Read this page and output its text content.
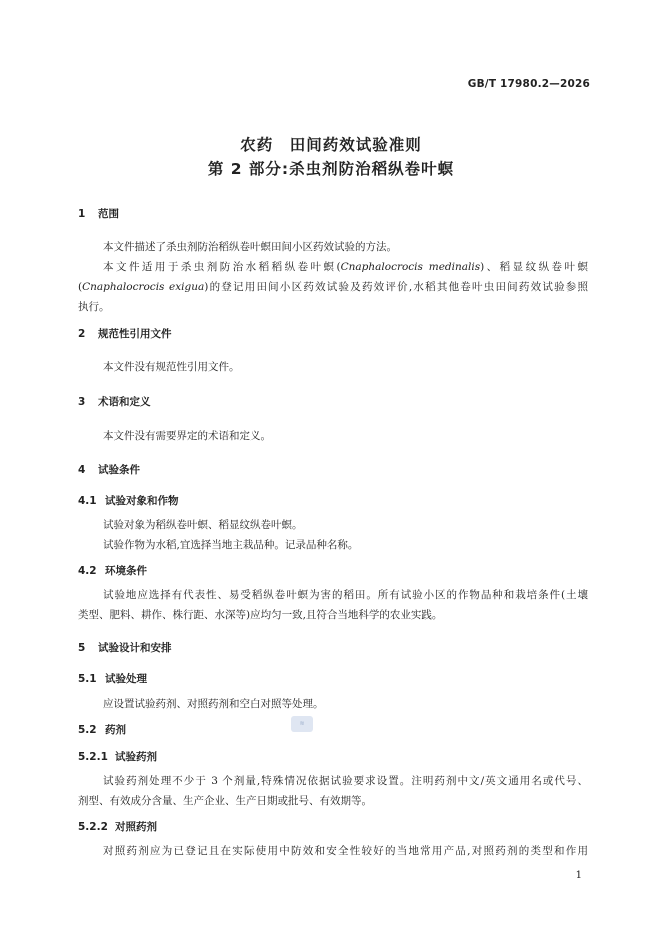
GB/T 17980.2—2026
农药　田间药效试验准则
第 2 部分:杀虫剂防治稻纵卷叶螟
1 范围
本文件描述了杀虫剂防治稻纵卷叶螟田间小区药效试验的方法。
本文件适用于杀虫剂防治水稻稻纵卷叶螟(Cnaphalocrocis medinalis)、稻显纹纵卷叶螟
(Cnaphalocrocis exigua)的登记用田间小区药效试验及药效评价,水稻其他卷叶虫田间药效试验参照
执行。
2 规范性引用文件
本文件没有规范性引用文件。
3 术语和定义
本文件没有需要界定的术语和定义。
4 试验条件
4.1 试验对象和作物
试验对象为稻纵卷叶螟、稻显纹纵卷叶螟。
试验作物为水稻,宜选择当地主栽品种。记录品种名称。
4.2 环境条件
试验地应选择有代表性、易受稻纵卷叶螟为害的稻田。所有试验小区的作物品种和栽培条件(土壤
类型、肥料、耕作、株行距、水深等)应均匀一致,且符合当地科学的农业实践。
5 试验设计和安排
5.1 试验处理
应设置试验药剂、对照药剂和空白对照等处理。
5.2 药剂
≋
5.2.1 试验药剂
试验药剂处理不少于 3 个剂量,特殊情况依据试验要求设置。注明药剂中文/英文通用名或代号、
剂型、有效成分含量、生产企业、生产日期或批号、有效期等。
5.2.2 对照药剂
对照药剂应为已登记且在实际使用中防效和安全性较好的当地常用产品,对照药剂的类型和作用
1
